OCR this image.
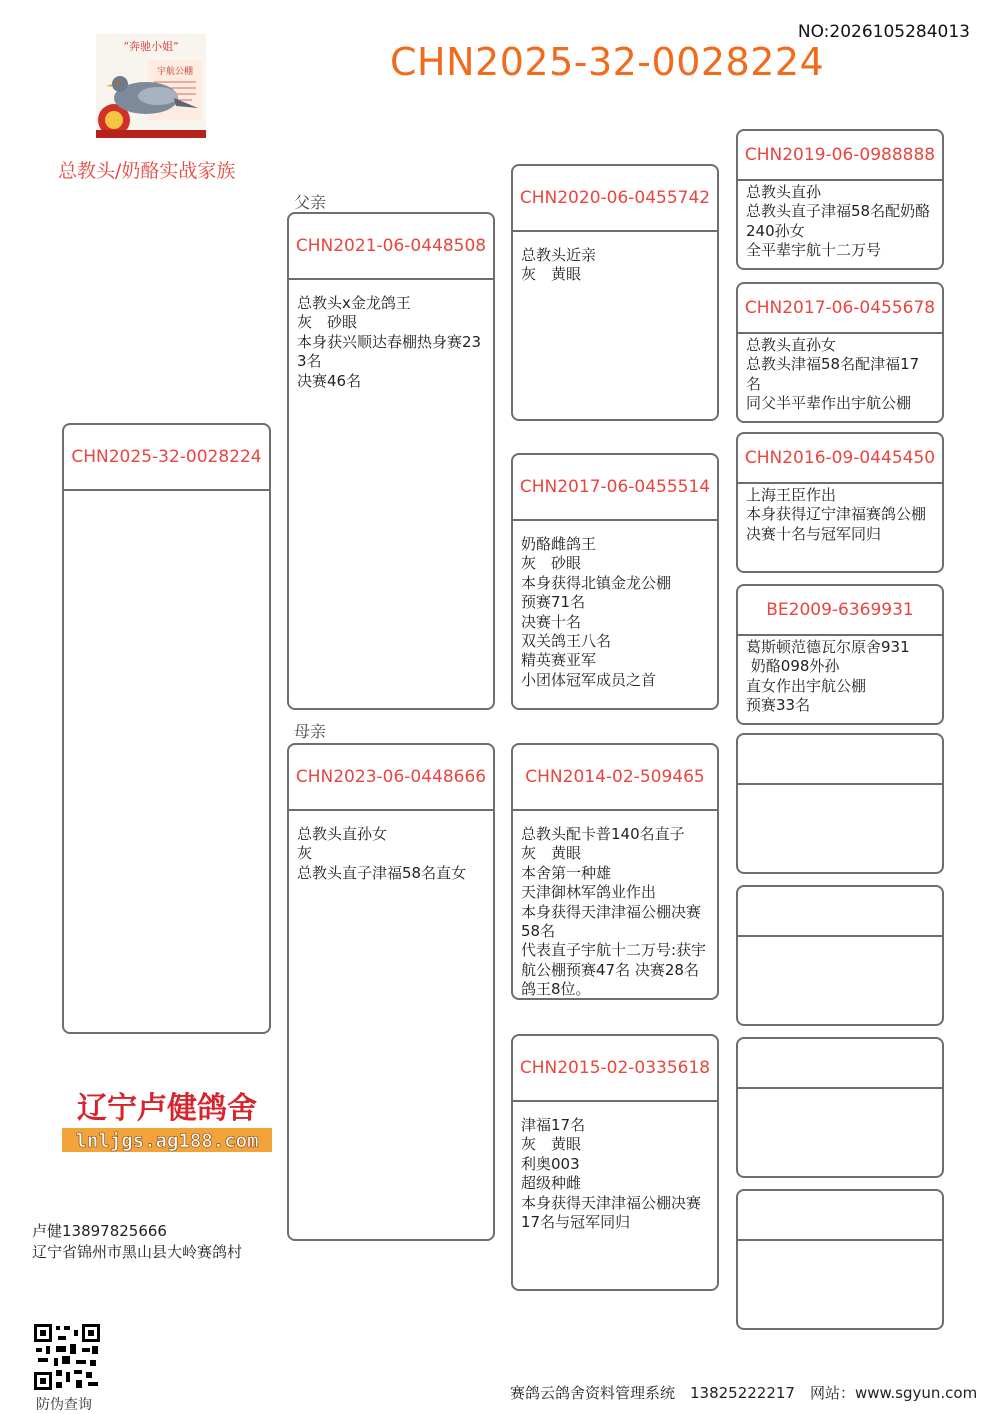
NO:2026105284013
CHN2025-32-0028224
总教头/奶酪实战家族
“奔驰小姐”
宇航公棚
父亲
母亲
CHN2025-32-0028224
CHN2021-06-0448508
总教头x金龙鸽王
灰　砂眼
本身获兴顺达春棚热身赛233名
决赛46名
CHN2023-06-0448666
总教头直孙女
灰
总教头直子津福58名直女
CHN2020-06-0455742
总教头近亲
灰　黄眼
CHN2017-06-0455514
奶酪雌鸽王
灰　砂眼
本身获得北镇金龙公棚
预赛71名
决赛十名
双关鸽王八名
精英赛亚军
小团体冠军成员之首
CHN2014-02-509465
总教头配卡普140名直子
灰　黄眼
本舍第一种雄
天津御林军鸽业作出
本身获得天津津福公棚决赛58名
代表直子宇航十二万号:获宇航公棚预赛47名 决赛28名 鸽王8位。
CHN2015-02-0335618
津福17名
灰　黄眼
利奥003
超级种雌
本身获得天津津福公棚决赛17名与冠军同归
CHN2019-06-0988888
总教头直孙
总教头直子津福58名配奶酪240孙女
全平辈宇航十二万号
CHN2017-06-0455678
总教头直孙女
总教头津福58名配津福17名
同父半平辈作出宇航公棚
CHN2016-09-0445450
上海王臣作出
本身获得辽宁津福赛鸽公棚
决赛十名与冠军同归
BE2009-6369931
葛斯顿范德瓦尔原舍931
奶酪098外孙
直女作出宇航公棚
预赛33名
辽宁卢健鸽舍
lnljgs.ag188.com
卢健13897825666
辽宁省锦州市黑山县大岭赛鸽村
防伪查询
赛鸽云鸽舍资料管理系统　13825222217　网站：www.sgyun.com
